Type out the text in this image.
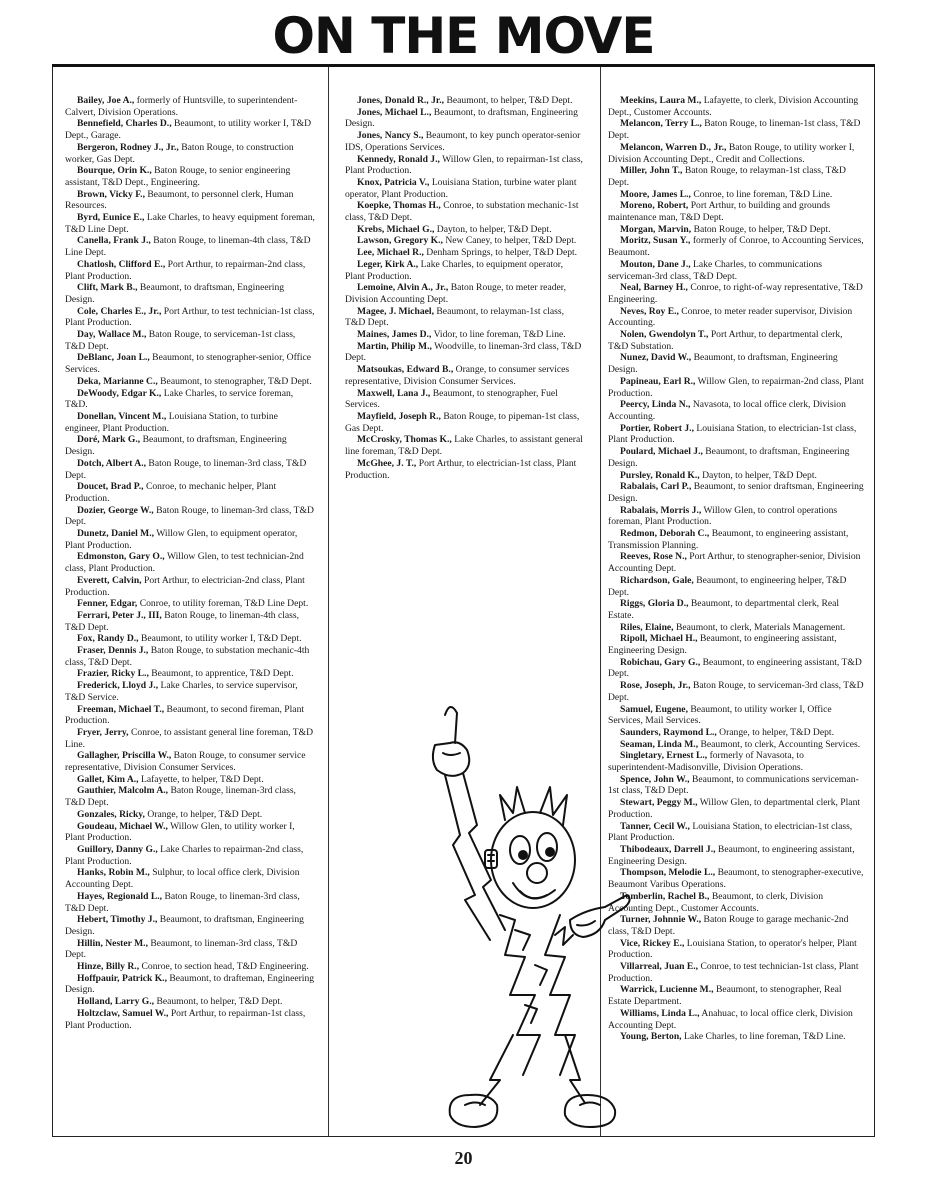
ON THE MOVE

Bailey, Joe A., formerly of Huntsville, to superintendent-Calvert, Division Operations.

Bennefield, Charles D., Beaumont, to utility worker I, T&D Dept., Garage.

Bergeron, Rodney J., Jr., Baton Rouge, to construction worker, Gas Dept.

Bourque, Orin K., Baton Rouge, to senior engineering assistant, T&D Dept., Engineering.

Brown, Vicky F., Beaumont, to personnel clerk, Human Resources.

Byrd, Eunice E., Lake Charles, to heavy equipment foreman, T&D Line Dept.

Canella, Frank J., Baton Rouge, to lineman-4th class, T&D Line Dept.

Chatlosh, Clifford E., Port Arthur, to repairman-2nd class, Plant Production.

Clift, Mark B., Beaumont, to draftsman, Engineering Design.

Cole, Charles E., Jr., Port Arthur, to test technician-1st class, Plant Production.

Day, Wallace M., Baton Rouge, to serviceman-1st class, T&D Dept.

DeBlanc, Joan L., Beaumont, to stenographer-senior, Office Services.

Deka, Marianne C., Beaumont, to stenographer, T&D Dept.

DeWoody, Edgar K., Lake Charles, to service foreman, T&D.

Donellan, Vincent M., Louisiana Station, to turbine engineer, Plant Production.

Doré, Mark G., Beaumont, to draftsman, Engineering Design.

Dotch, Albert A., Baton Rouge, to lineman-3rd class, T&D Dept.

Doucet, Brad P., Conroe, to mechanic helper, Plant Production.

Dozier, George W., Baton Rouge, to lineman-3rd class, T&D Dept.

Dunetz, Daniel M., Willow Glen, to equipment operator, Plant Production.

Edmonston, Gary O., Willow Glen, to test technician-2nd class, Plant Production.

Everett, Calvin, Port Arthur, to electrician-2nd class, Plant Production.

Fenner, Edgar, Conroe, to utility foreman, T&D Line Dept.

Ferrari, Peter J., III, Baton Rouge, to lineman-4th class, T&D Dept.

Fox, Randy D., Beaumont, to utility worker I, T&D Dept.

Fraser, Dennis J., Baton Rouge, to substation mechanic-4th class, T&D Dept.

Frazier, Ricky L., Beaumont, to apprentice, T&D Dept.

Frederick, Lloyd J., Lake Charles, to service supervisor, T&D Service.

Freeman, Michael T., Beaumont, to second fireman, Plant Production.

Fryer, Jerry, Conroe, to assistant general line foreman, T&D Line.

Gallagher, Priscilla W., Baton Rouge, to consumer service representative, Division Consumer Services.

Gallet, Kim A., Lafayette, to helper, T&D Dept.

Gauthier, Malcolm A., Baton Rouge, lineman-3rd class, T&D Dept.

Gonzales, Ricky, Orange, to helper, T&D Dept.

Goudeau, Michael W., Willow Glen, to utility worker I, Plant Production.

Guillory, Danny G., Lake Charles to repairman-2nd class, Plant Production.

Hanks, Robin M., Sulphur, to local office clerk, Division Accounting Dept.

Hayes, Regionald L., Baton Rouge, to lineman-3rd class, T&D Dept.

Hebert, Timothy J., Beaumont, to draftsman, Engineering Design.

Hillin, Nester M., Beaumont, to lineman-3rd class, T&D Dept.

Hinze, Billy R., Conroe, to section head, T&D Engineering.

Hoffpauir, Patrick K., Beaumont, to drafteman, Engineering Design.

Holland, Larry G., Beaumont, to helper, T&D Dept.

Holtzclaw, Samuel W., Port Arthur, to repairman-1st class, Plant Production.

Jones, Donald R., Jr., Beaumont, to helper, T&D Dept.

Jones, Michael L., Beaumont, to draftsman, Engineering Design.

Jones, Nancy S., Beaumont, to key punch operator-senior IDS, Operations Services.

Kennedy, Ronald J., Willow Glen, to repairman-1st class, Plant Production.

Knox, Patricia V., Louisiana Station, turbine water plant operator, Plant Production.

Koepke, Thomas H., Conroe, to substation mechanic-1st class, T&D Dept.

Krebs, Michael G., Dayton, to helper, T&D Dept.

Lawson, Gregory K., New Caney, to helper, T&D Dept.

Lee, Michael R., Denham Springs, to helper, T&D Dept.

Leger, Kirk A., Lake Charles, to equipment operator, Plant Production.

Lemoine, Alvin A., Jr., Baton Rouge, to meter reader, Division Accounting Dept.

Magee, J. Michael, Beaumont, to relayman-1st class, T&D Dept.

Maines, James D., Vidor, to line foreman, T&D Line.

Martin, Philip M., Woodville, to lineman-3rd class, T&D Dept.

Matsoukas, Edward B., Orange, to consumer services representative, Division Consumer Services.

Maxwell, Lana J., Beaumont, to stenographer, Fuel Services.

Mayfield, Joseph R., Baton Rouge, to pipeman-1st class, Gas Dept.

McCrosky, Thomas K., Lake Charles, to assistant general line foreman, T&D Dept.

McGhee, J. T., Port Arthur, to electrician-1st class, Plant Production.

Meekins, Laura M., Lafayette, to clerk, Division Accounting Dept., Customer Accounts.

Melancon, Terry L., Baton Rouge, to lineman-1st class, T&D Dept.

Melancon, Warren D., Jr., Baton Rouge, to utility worker I, Division Accounting Dept., Credit and Collections.

Miller, John T., Baton Rouge, to relayman-1st class, T&D Dept.

Moore, James L., Conroe, to line foreman, T&D Line.

Moreno, Robert, Port Arthur, to building and grounds maintenance man, T&D Dept.

Morgan, Marvin, Baton Rouge, to helper, T&D Dept.

Moritz, Susan Y., formerly of Conroe, to Accounting Services, Beaumont.

Mouton, Dane J., Lake Charles, to communications serviceman-3rd class, T&D Dept.

Neal, Barney H., Conroe, to right-of-way representative, T&D Engineering.

Neves, Roy E., Conroe, to meter reader supervisor, Division Accounting.

Nolen, Gwendolyn T., Port Arthur, to departmental clerk, T&D Substation.

Nunez, David W., Beaumont, to draftsman, Engineering Design.

Papineau, Earl R., Willow Glen, to repairman-2nd class, Plant Production.

Peercy, Linda N., Navasota, to local office clerk, Division Accounting.

Portier, Robert J., Louisiana Station, to electrician-1st class, Plant Production.

Poulard, Michael J., Beaumont, to draftsman, Engineering Design.

Pursley, Ronald K., Dayton, to helper, T&D Dept.

Rabalais, Carl P., Beaumont, to senior draftsman, Engineering Design.

Rabalais, Morris J., Willow Glen, to control operations foreman, Plant Production.

Redmon, Deborah C., Beaumont, to engineering assistant, Transmission Planning.

Reeves, Rose N., Port Arthur, to stenographer-senior, Division Accounting Dept.

Richardson, Gale, Beaumont, to engineering helper, T&D Dept.

Riggs, Gloria D., Beaumont, to departmental clerk, Real Estate.

Riles, Elaine, Beaumont, to clerk, Materials Management.

Ripoll, Michael H., Beaumont, to engineering assistant, Engineering Design.

Robichau, Gary G., Beaumont, to engineering assistant, T&D Dept.

Rose, Joseph, Jr., Baton Rouge, to serviceman-3rd class, T&D Dept.

Samuel, Eugene, Beaumont, to utility worker I, Office Services, Mail Services.

Saunders, Raymond L., Orange, to helper, T&D Dept.

Seaman, Linda M., Beaumont, to clerk, Accounting Services.

Singletary, Ernest L., formerly of Navasota, to superintendent-Madisonville, Division Operations.

Spence, John W., Beaumont, to communications serviceman-1st class, T&D Dept.

Stewart, Peggy M., Willow Glen, to departmental clerk, Plant Production.

Tanner, Cecil W., Louisiana Station, to electrician-1st class, Plant Production.

Thibodeaux, Darrell J., Beaumont, to engineering assistant, Engineering Design.

Thompson, Melodie L., Beaumont, to stenographer-executive, Beaumont Varibus Operations.

Tomberlin, Rachel B., Beaumont, to clerk, Division Accounting Dept., Customer Accounts.

Turner, Johnnie W., Baton Rouge to garage mechanic-2nd class, T&D Dept.

Vice, Rickey E., Louisiana Station, to operator's helper, Plant Production.

Villarreal, Juan E., Conroe, to test technician-1st class, Plant Production.

Warrick, Lucienne M., Beaumont, to stenographer, Real Estate Department.

Williams, Linda L., Anahuac, to local office clerk, Division Accounting Dept.

Young, Berton, Lake Charles, to line foreman, T&D Line.

20
